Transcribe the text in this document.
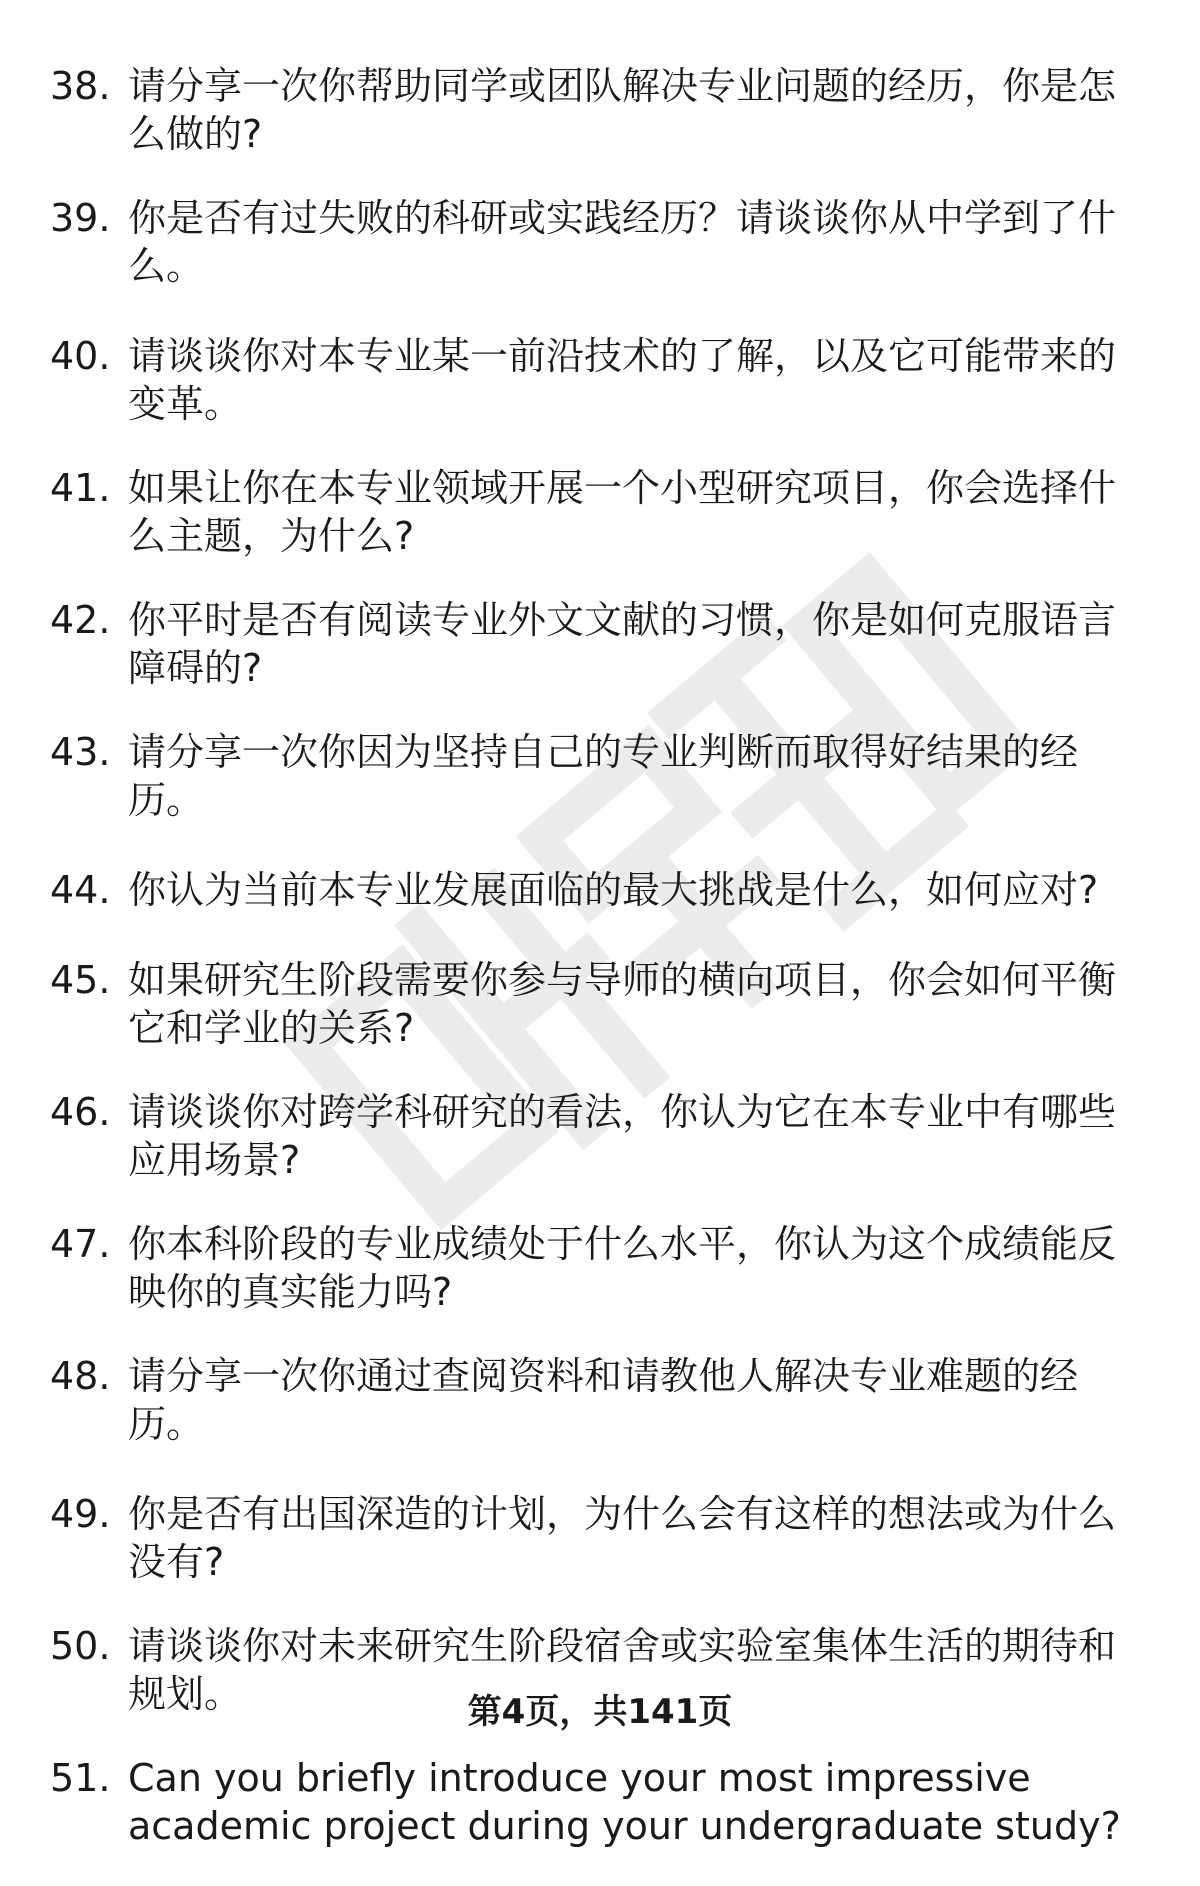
38. 请分享一次你帮助同学或团队解决专业问题的经历，你是怎么做的?
39. 你是否有过失败的科研或实践经历？请谈谈你从中学到了什么。
40. 请谈谈你对本专业某一前沿技术的了解，以及它可能带来的变革。
41. 如果让你在本专业领域开展一个小型研究项目，你会选择什么主题，为什么?
42. 你平时是否有阅读专业外文文献的习惯，你是如何克服语言障碍的?
43. 请分享一次你因为坚持自己的专业判断而取得好结果的经历。
44. 你认为当前本专业发展面临的最大挑战是什么，如何应对?
45. 如果研究生阶段需要你参与导师的横向项目，你会如何平衡它和学业的关系?
46. 请谈谈你对跨学科研究的看法，你认为它在本专业中有哪些应用场景?
47. 你本科阶段的专业成绩处于什么水平，你认为这个成绩能反映你的真实能力吗?
48. 请分享一次你通过查阅资料和请教他人解决专业难题的经历。
49. 你是否有出国深造的计划，为什么会有这样的想法或为什么没有?
50. 请谈谈你对未来研究生阶段宿舍或实验室集体生活的期待和规划。
51. Can you briefly introduce your most impressive academic project during your undergraduate study?
第4页，共141页
